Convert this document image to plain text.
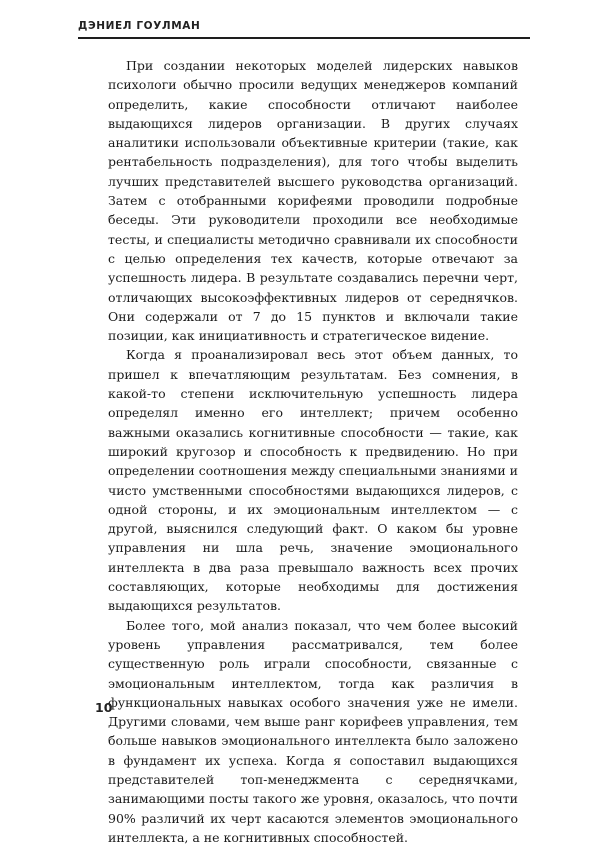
ДЭНИЕЛ ГОУЛМАН

При создании некоторых моделей лидерских навыков психологи обычно просили ведущих менеджеров компаний определить, какие способности отличают наиболее выдающихся лидеров организации. В других случаях аналитики использовали объективные критерии (такие, как рентабельность подразделения), для того чтобы выделить лучших представителей высшего руководства организаций. Затем с отобранными корифеями проводили подробные беседы. Эти руководители проходили все необходимые тесты, и специалисты методично сравнивали их способности с целью определения тех качеств, которые отвечают за успешность лидера. В результате создавались перечни черт, отличающих высокоэффективных лидеров от середнячков. Они содержали от 7 до 15 пунктов и включали такие позиции, как инициативность и стратегическое видение.

Когда я проанализировал весь этот объем данных, то пришел к впечатляющим результатам. Без сомнения, в какой-то степени исключительную успешность лидера определял именно его интеллект; причем особенно важными оказались когнитивные способности — такие, как широкий кругозор и способность к предвидению. Но при определении соотношения между специальными знаниями и чисто умственными способностями выдающихся лидеров, с одной стороны, и их эмоциональным интеллектом — с другой, выяснился следующий факт. О каком бы уровне управления ни шла речь, значение эмоционального интеллекта в два раза превышало важность всех прочих составляющих, которые необходимы для достижения выдающихся результатов.

Более того, мой анализ показал, что чем более высокий уровень управления рассматривался, тем более существенную роль играли способности, связанные с эмоциональным интеллектом, тогда как различия в функциональных навыках особого значения уже не имели. Другими словами, чем выше ранг корифеев управления, тем больше навыков эмоционального интеллекта было заложено в фундамент их успеха. Когда я сопоставил выдающихся представителей топ-менеджмента с середнячками, занимающими посты такого же уровня, оказалось, что почти 90% различий их черт касаются элементов эмоционального интеллекта, а не когнитивных способностей.

10
